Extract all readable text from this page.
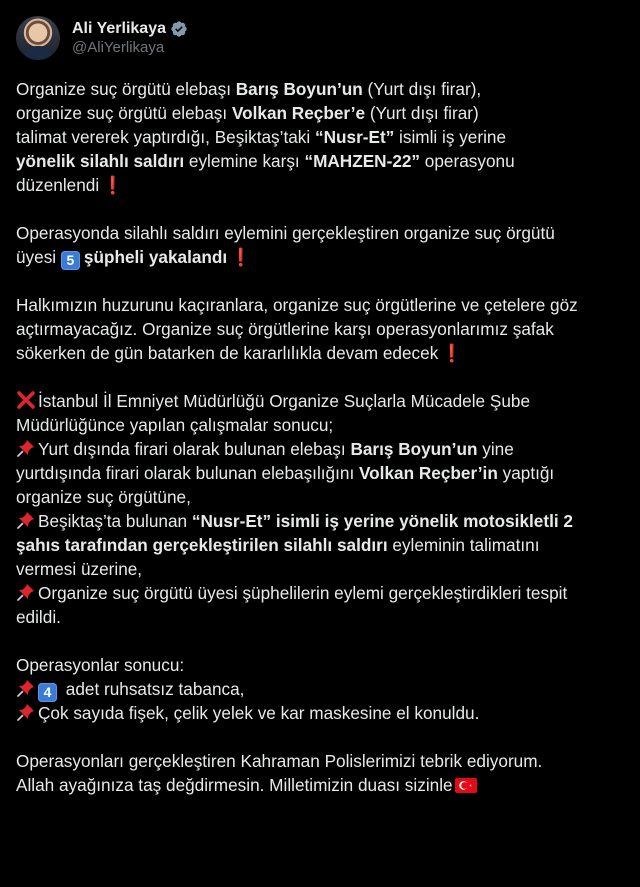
Ali Yerlikaya
@AliYerlikaya
Organize suç örgütü elebaşı Barış Boyun’un (Yurt dışı firar),
organize suç örgütü elebaşı Volkan Reçber’e (Yurt dışı firar)
talimat vererek yaptırdığı, Beşiktaş’taki “Nusr-Et” isimli iş yerine
yönelik silahlı saldırı eylemine karşı “MAHZEN-22” operasyonu
düzenlendi ❗
Operasyonda silahlı saldırı eylemini gerçekleştiren organize suç örgütü
üyesi 5 şüpheli yakalandı ❗
Halkımızın huzurunu kaçıranlara, organize suç örgütlerine ve çetelere göz
açtırmayacağız. Organize suç örgütlerine karşı operasyonlarımız şafak
sökerken de gün batarken de kararlılıkla devam edecek ❗
İstanbul İl Emniyet Müdürlüğü Organize Suçlarla Mücadele Şube
Müdürlüğünce yapılan çalışmalar sonucu;
Yurt dışında firari olarak bulunan elebaşı Barış Boyun’un yine
yurtdışında firari olarak bulunan elebaşılığını Volkan Reçber’in yaptığı
organize suç örgütüne,
Beşiktaş’ta bulunan “Nusr-Et” isimli iş yerine yönelik motosikletli 2
şahıs tarafından gerçekleştirilen silahlı saldırı eyleminin talimatını
vermesi üzerine,
Organize suç örgütü üyesi şüphelilerin eylemi gerçekleştirdikleri tespit
edildi.
Operasyonlar sonucu:
4 adet ruhsatsız tabanca,
Çok sayıda fişek, çelik yelek ve kar maskesine el konuldu.
Operasyonları gerçekleştiren Kahraman Polislerimizi tebrik ediyorum.
Allah ayağınıza taş değdirmesin. Milletimizin duası sizinle
